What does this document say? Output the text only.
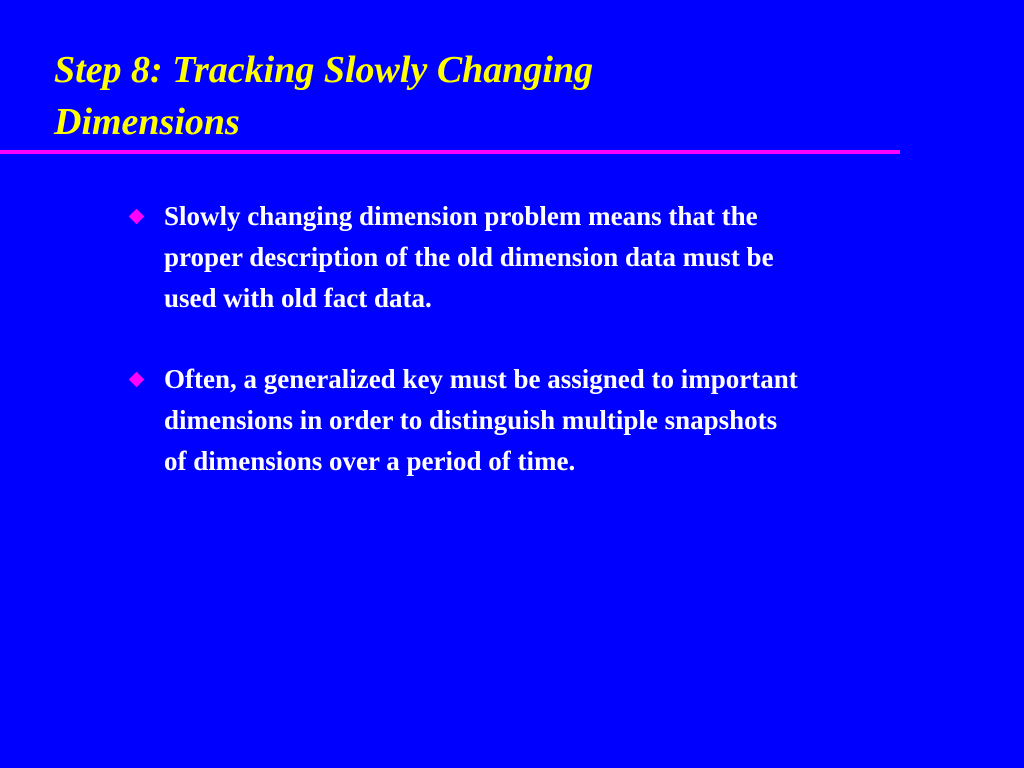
Step 8: Tracking Slowly Changing
Dimensions
Slowly changing dimension problem means that the
proper description of the old dimension data must be
used with old fact data.
Often, a generalized key must be assigned to important
dimensions in order to distinguish multiple snapshots
of dimensions over a period of time.
